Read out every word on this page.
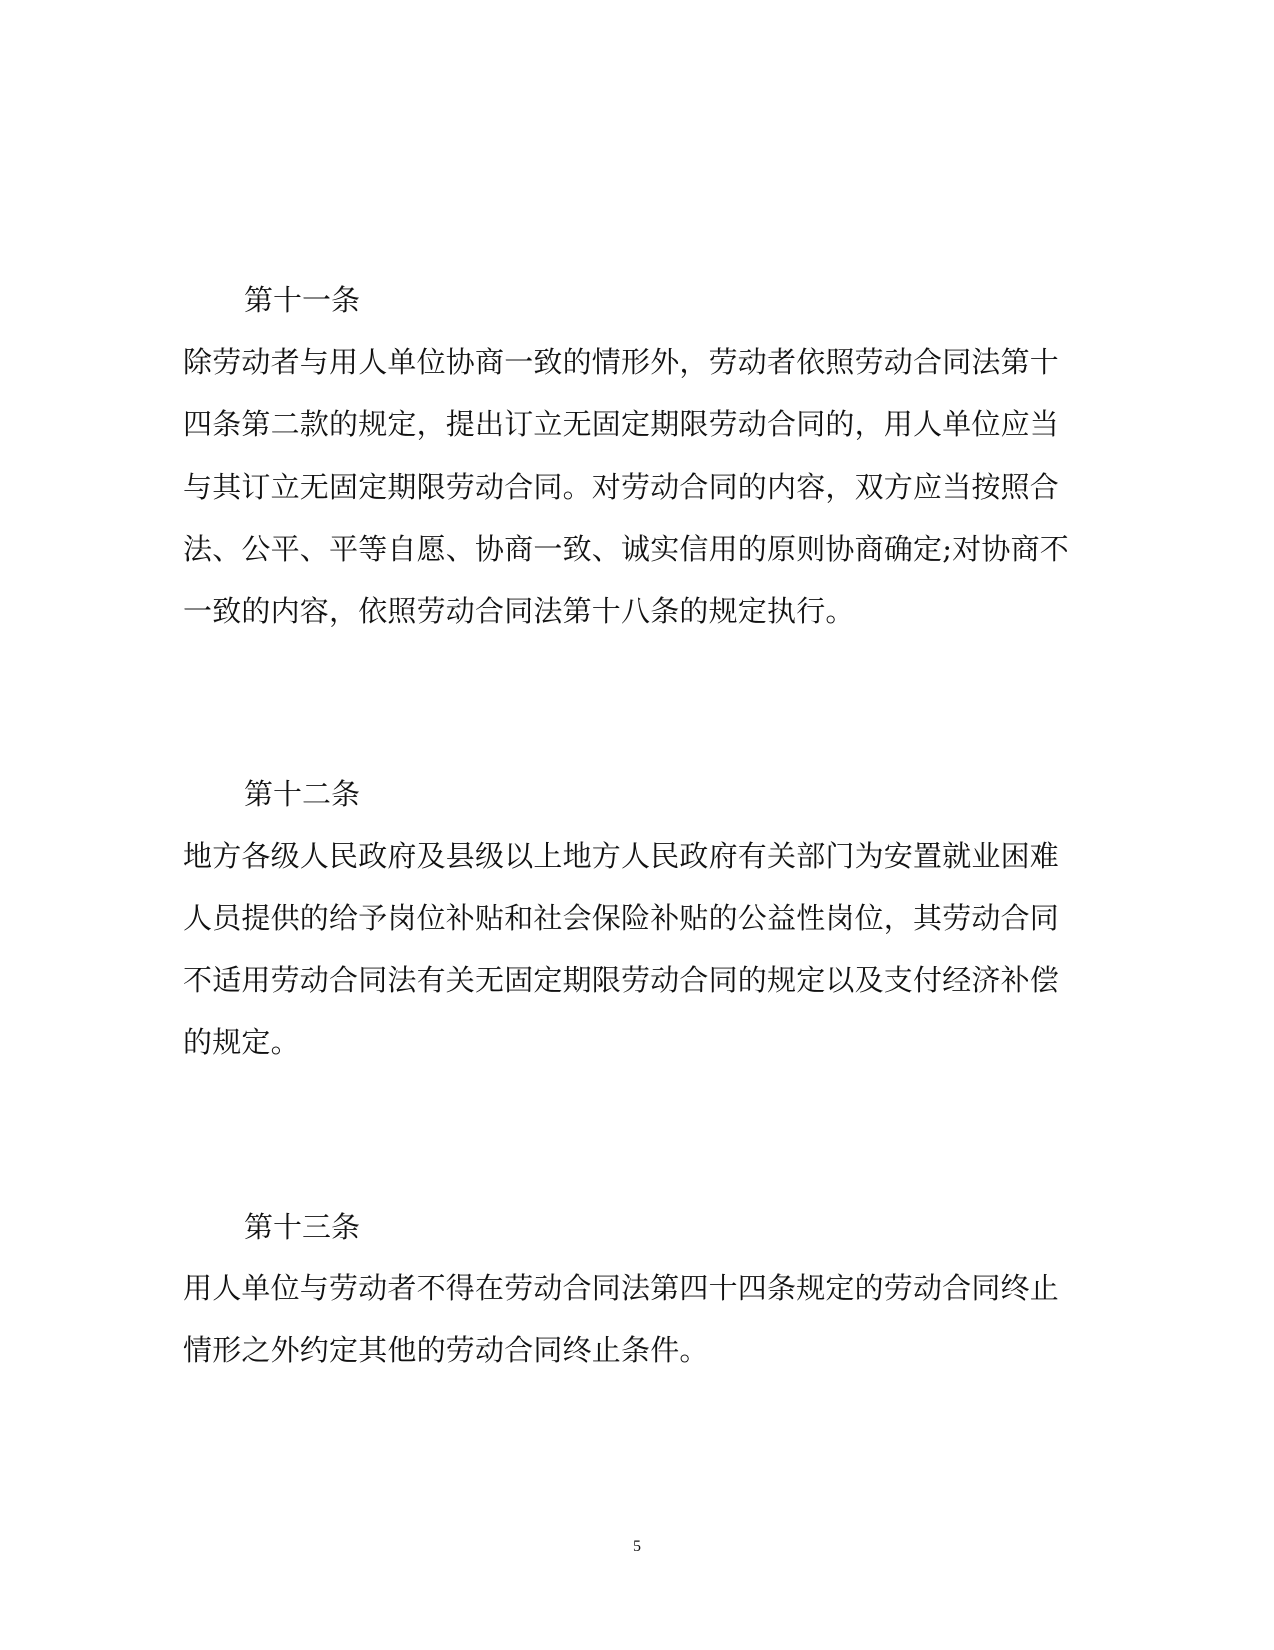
第十一条
除劳动者与用人单位协商一致的情形外，劳动者依照劳动合同法第十
四条第二款的规定，提出订立无固定期限劳动合同的，用人单位应当
与其订立无固定期限劳动合同。对劳动合同的内容，双方应当按照合
法、公平、平等自愿、协商一致、诚实信用的原则协商确定;对协商不
一致的内容，依照劳动合同法第十八条的规定执行。
第十二条
地方各级人民政府及县级以上地方人民政府有关部门为安置就业困难
人员提供的给予岗位补贴和社会保险补贴的公益性岗位，其劳动合同
不适用劳动合同法有关无固定期限劳动合同的规定以及支付经济补偿
的规定。
第十三条
用人单位与劳动者不得在劳动合同法第四十四条规定的劳动合同终止
情形之外约定其他的劳动合同终止条件。
5
